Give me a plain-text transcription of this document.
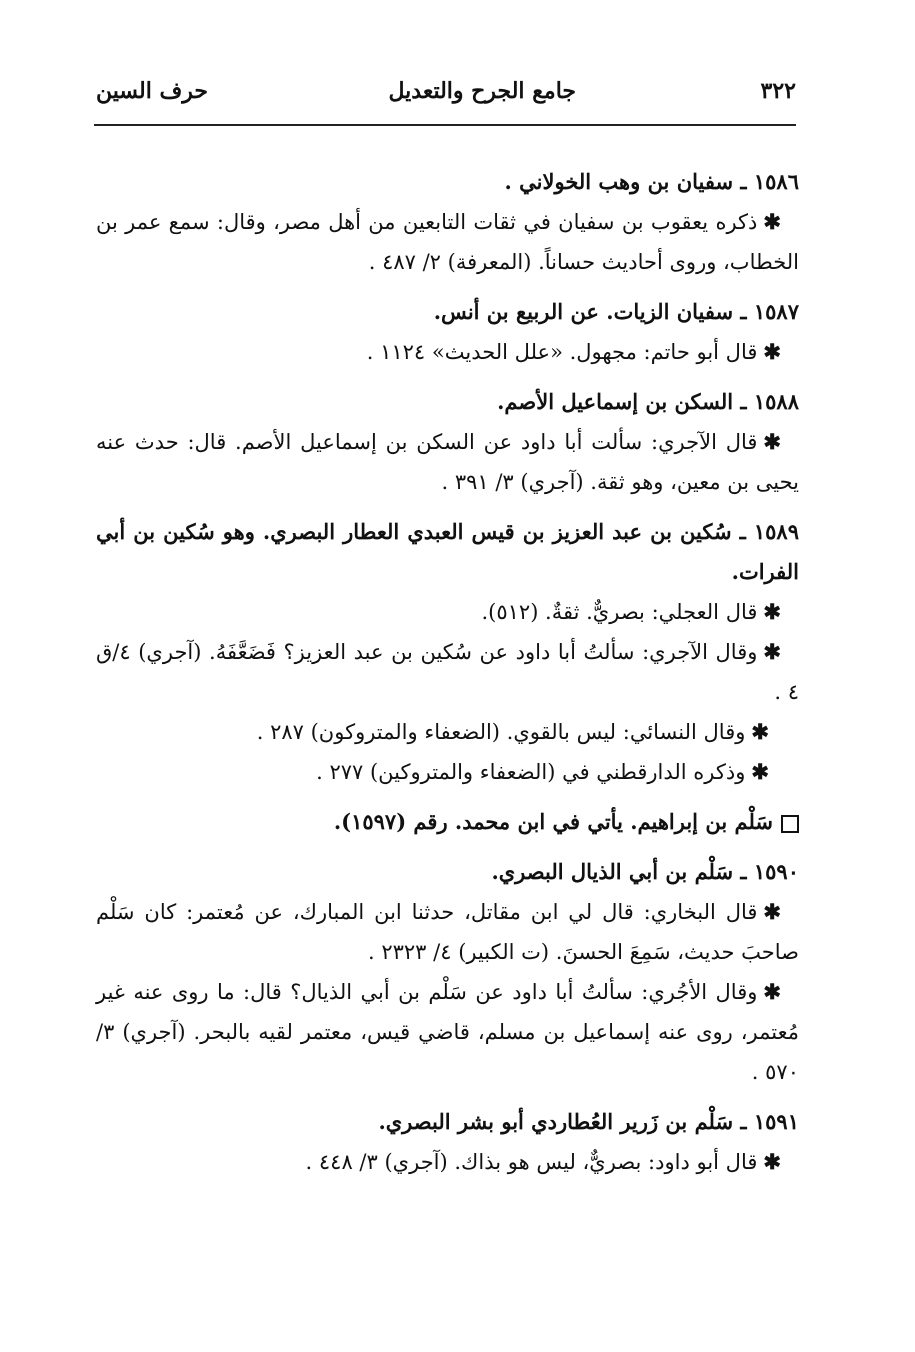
٣٢٢
جامع الجرح والتعديل
حرف السين

١٥٨٦ ـ سفيان بن وهب الخولاني .

✱ذكره يعقوب بن سفيان في ثقات التابعين من أهل مصر، وقال: سمع عمر بن الخطاب، وروى أحاديث حساناً. (المعرفة) ٢/ ٤٨٧ .

١٥٨٧ ـ سفيان الزيات. عن الربيع بن أنس.

✱قال أبو حاتم: مجهول. «علل الحديث» ١١٢٤ .

١٥٨٨ ـ السكن بن إسماعيل الأصم.

✱قال الآجري: سألت أبا داود عن السكن بن إسماعيل الأصم. قال: حدث عنه يحيى بن معين، وهو ثقة. (آجري) ٣/ ٣٩١ .

١٥٨٩ ـ سُكين بن عبد العزيز بن قيس العبدي العطار البصري. وهو سُكين بن أبي الفرات.

✱قال العجلي: بصريٌّ. ثقةٌ. (٥١٢).

✱وقال الآجري: سألتُ أبا داود عن سُكين بن عبد العزيز؟ فَضَعَّفَهُ. (آجري) ٤/ق ٤ .

✱وقال النسائي: ليس بالقوي. (الضعفاء والمتروكون) ٢٨٧ .

✱وذكره الدارقطني في (الضعفاء والمتروكين) ٢٧٧ .

سَلْم بن إبراهيم. يأتي في ابن محمد. رقم (١٥٩٧).

١٥٩٠ ـ سَلْم بن أبي الذيال البصري.

✱قال البخاري: قال لي ابن مقاتل، حدثنا ابن المبارك، عن مُعتمر: كان سَلْم صاحبَ حديث، سَمِعَ الحسنَ. (ت الكبير) ٤/ ٢٣٢٣ .

✱وقال الأجُري: سألتُ أبا داود عن سَلْم بن أبي الذيال؟ قال: ما روى عنه غير مُعتمر، روى عنه إسماعيل بن مسلم، قاضي قيس، معتمر لقيه بالبحر. (آجري) ٣/ ٥٧٠ .

١٥٩١ ـ سَلْم بن زَرير العُطاردي أبو بشر البصري.

✱قال أبو داود: بصريٌّ، ليس هو بذاك. (آجري) ٣/ ٤٤٨ .
